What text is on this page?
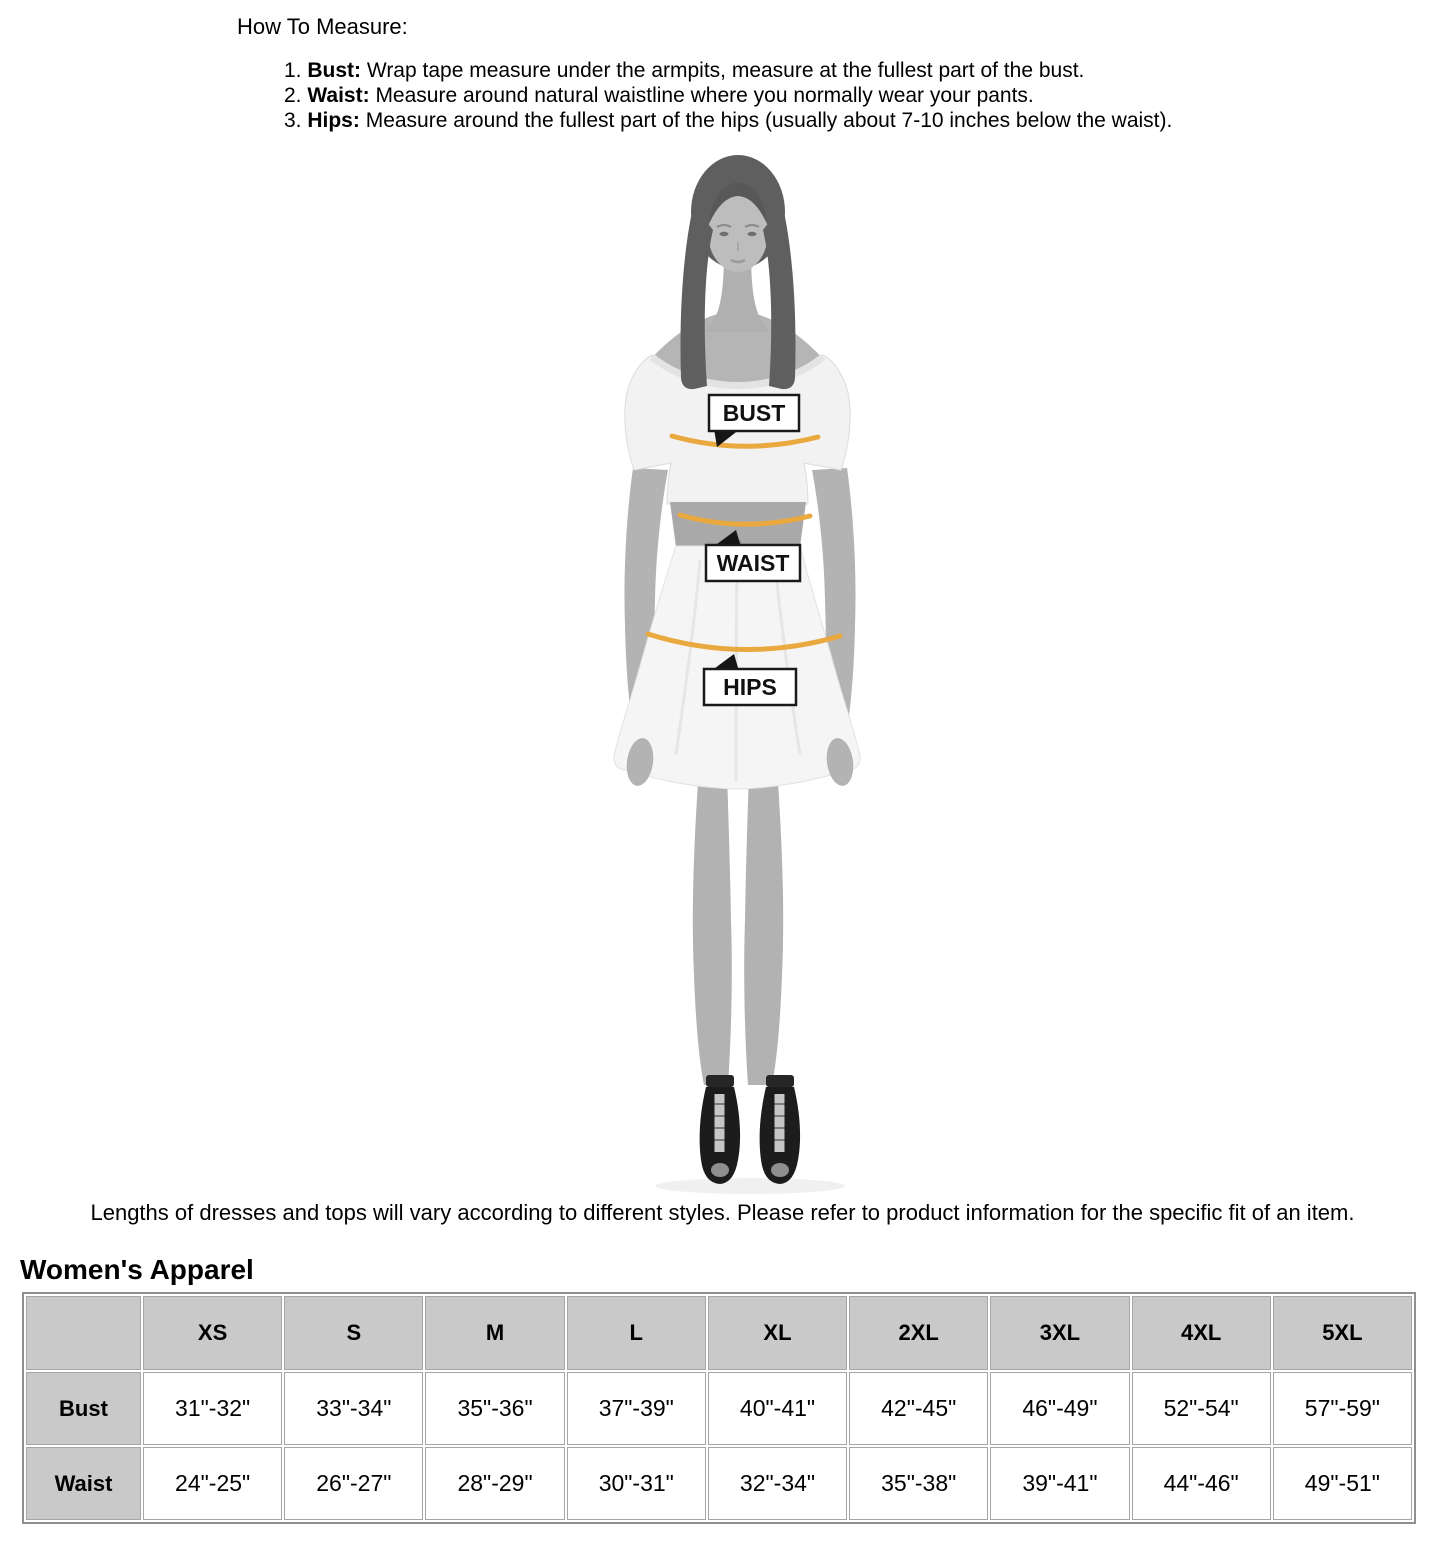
How To Measure:
1. Bust: Wrap tape measure under the armpits, measure at the fullest part of the bust.
2. Waist: Measure around natural waistline where you normally wear your pants.
3. Hips: Measure around the fullest part of the hips (usually about 7-10 inches below the waist).
BUST
WAIST
HIPS
Lengths of dresses and tops will vary according to different styles. Please refer to product information for the specific fit of an item.
Women's Apparel
	XS	S	M	L	XL	2XL	3XL	4XL	5XL
Bust	31"-32"	33"-34"	35"-36"	37"-39"	40"-41"	42"-45"	46"-49"	52"-54"	57"-59"
Waist	24"-25"	26"-27"	28"-29"	30"-31"	32"-34"	35"-38"	39"-41"	44"-46"	49"-51"
